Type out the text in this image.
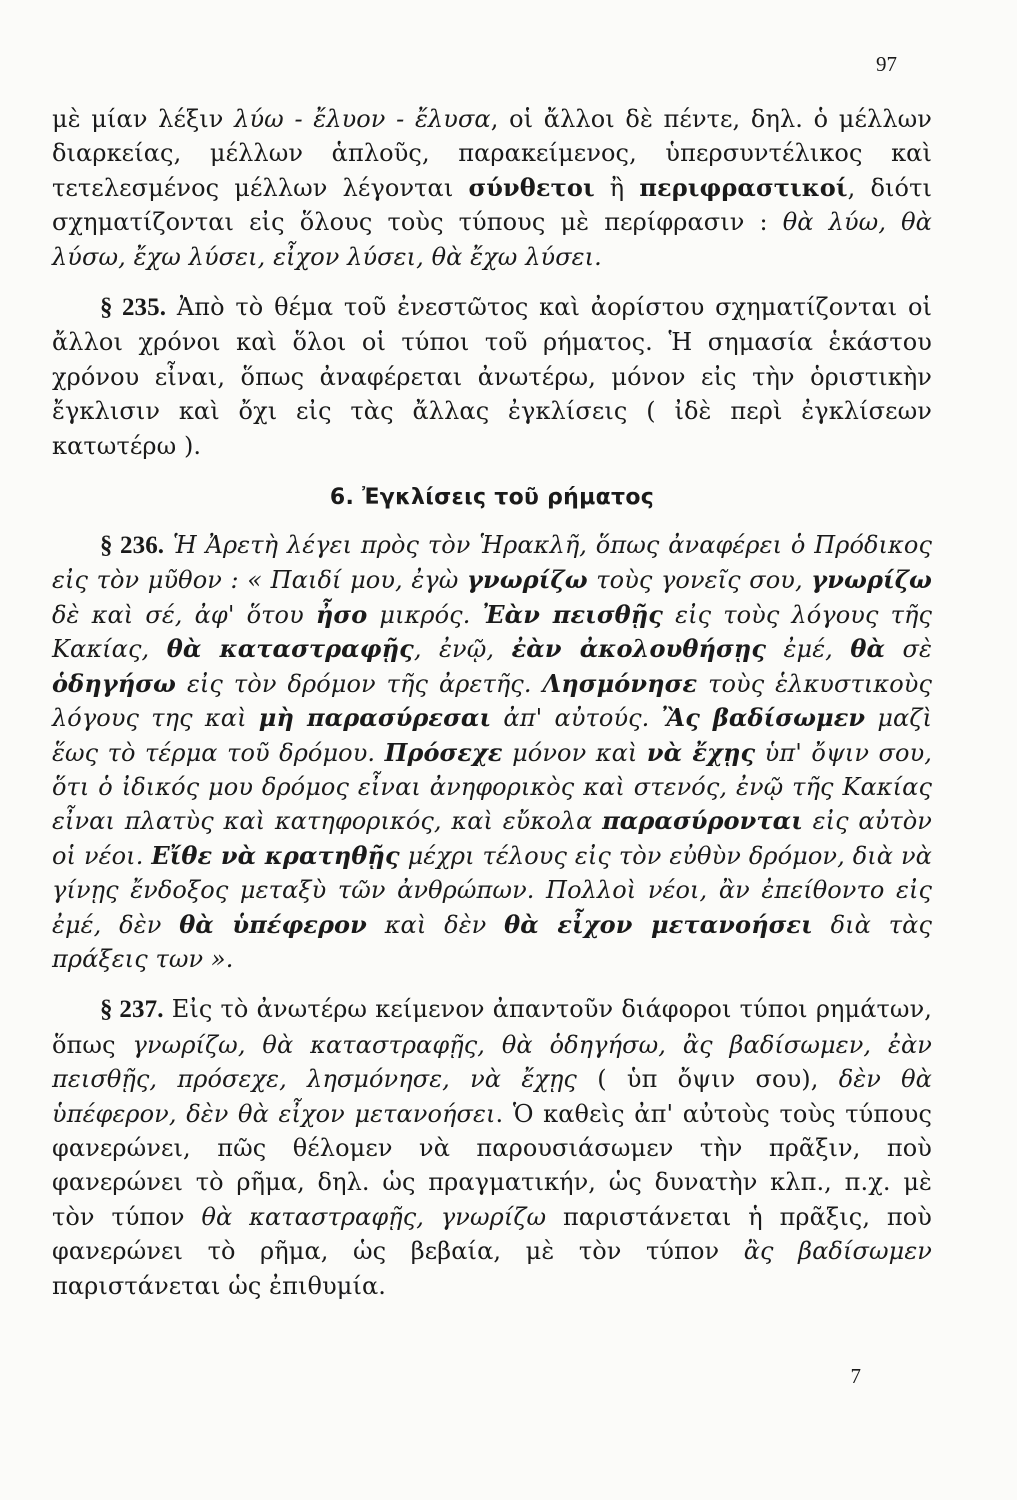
97

μὲ μίαν λέξιν λύω - ἔλυον - ἔλυσα, οἱ ἄλλοι δὲ πέντε, δηλ. ὁ μέλλων διαρκείας, μέλλων ἁπλοῦς, παρακείμενος, ὑπερσυντέλικος καὶ τετελεσμένος μέλλων λέγονται σύνθετοι ἢ περιφραστικοί, διότι σχηματίζονται εἰς ὅλους τοὺς τύπους μὲ περίφρασιν : θὰ λύω, θὰ λύσω, ἔχω λύσει, εἶχον λύσει, θὰ ἔχω λύσει.

§ 235. Ἀπὸ τὸ θέμα τοῦ ἐνεστῶτος καὶ ἀορίστου σχηματίζονται οἱ ἄλλοι χρόνοι καὶ ὅλοι οἱ τύποι τοῦ ρήματος. Ἡ σημασία ἑκάστου χρόνου εἶναι, ὅπως ἀναφέρεται ἀνωτέρω, μόνον εἰς τὴν ὁριστικὴν ἔγκλισιν καὶ ὄχι εἰς τὰς ἄλλας ἐγκλίσεις ( ἰδὲ περὶ ἐγκλίσεων κατωτέρω ).

6. Ἐγκλίσεις τοῦ ρήματος

§ 236. Ἡ Ἀρετὴ λέγει πρὸς τὸν Ἡρακλῆ, ὅπως ἀναφέρει ὁ Πρόδικος εἰς τὸν μῦθον : « Παιδί μου, ἐγὼ γνωρίζω τοὺς γονεῖς σου, γνωρίζω δὲ καὶ σέ, ἀφ' ὅτου ἦσο μικρός. Ἐὰν πεισθῇς εἰς τοὺς λόγους τῆς Κακίας, θὰ καταστραφῇς, ἐνῷ, ἐὰν ἀκολουθήσῃς ἐμέ, θὰ σὲ ὁδηγήσω εἰς τὸν δρόμον τῆς ἀρετῆς. Λησμόνησε τοὺς ἑλκυστικοὺς λόγους της καὶ μὴ παρασύρεσαι ἀπ' αὐτούς. Ἂς βαδίσωμεν μαζὶ ἕως τὸ τέρμα τοῦ δρόμου. Πρόσεχε μόνον καὶ νὰ ἔχῃς ὑπ' ὄψιν σου, ὅτι ὁ ἰδικός μου δρόμος εἶναι ἀνηφορικὸς καὶ στενός, ἐνῷ τῆς Κακίας εἶναι πλατὺς καὶ κατηφορικός, καὶ εὔκολα παρασύρονται εἰς αὐτὸν οἱ νέοι. Εἴθε νὰ κρατηθῇς μέχρι τέλους εἰς τὸν εὐθὺν δρόμον, διὰ νὰ γίνῃς ἔνδοξος μεταξὺ τῶν ἀνθρώπων. Πολλοὶ νέοι, ἂν ἐπείθοντο εἰς ἐμέ, δὲν θὰ ὑπέφερον καὶ δὲν θὰ εἶχον μετανοήσει διὰ τὰς πράξεις των ».

§ 237. Εἰς τὸ ἀνωτέρω κείμενον ἀπαντοῦν διάφοροι τύποι ρημάτων, ὅπως γνωρίζω, θὰ καταστραφῇς, θὰ ὁδηγήσω, ἂς βαδίσωμεν, ἐὰν πεισθῇς, πρόσεχε, λησμόνησε, νὰ ἔχῃς ( ὑπ ὄψιν σου), δὲν θὰ ὑπέφερον, δὲν θὰ εἶχον μετανοήσει. Ὁ καθεὶς ἀπ' αὐτοὺς τοὺς τύπους φανερώνει, πῶς θέλομεν νὰ παρουσιάσωμεν τὴν πρᾶξιν, ποὺ φανερώνει τὸ ρῆμα, δηλ. ὡς πραγματικήν, ὡς δυνατὴν κλπ., π.χ. μὲ τὸν τύπον θὰ καταστραφῇς, γνωρίζω παριστάνεται ἡ πρᾶξις, ποὺ φανερώνει τὸ ρῆμα, ὡς βεβαία, μὲ τὸν τύπον ἂς βαδίσωμεν παριστάνεται ὡς ἐπιθυμία.

7
